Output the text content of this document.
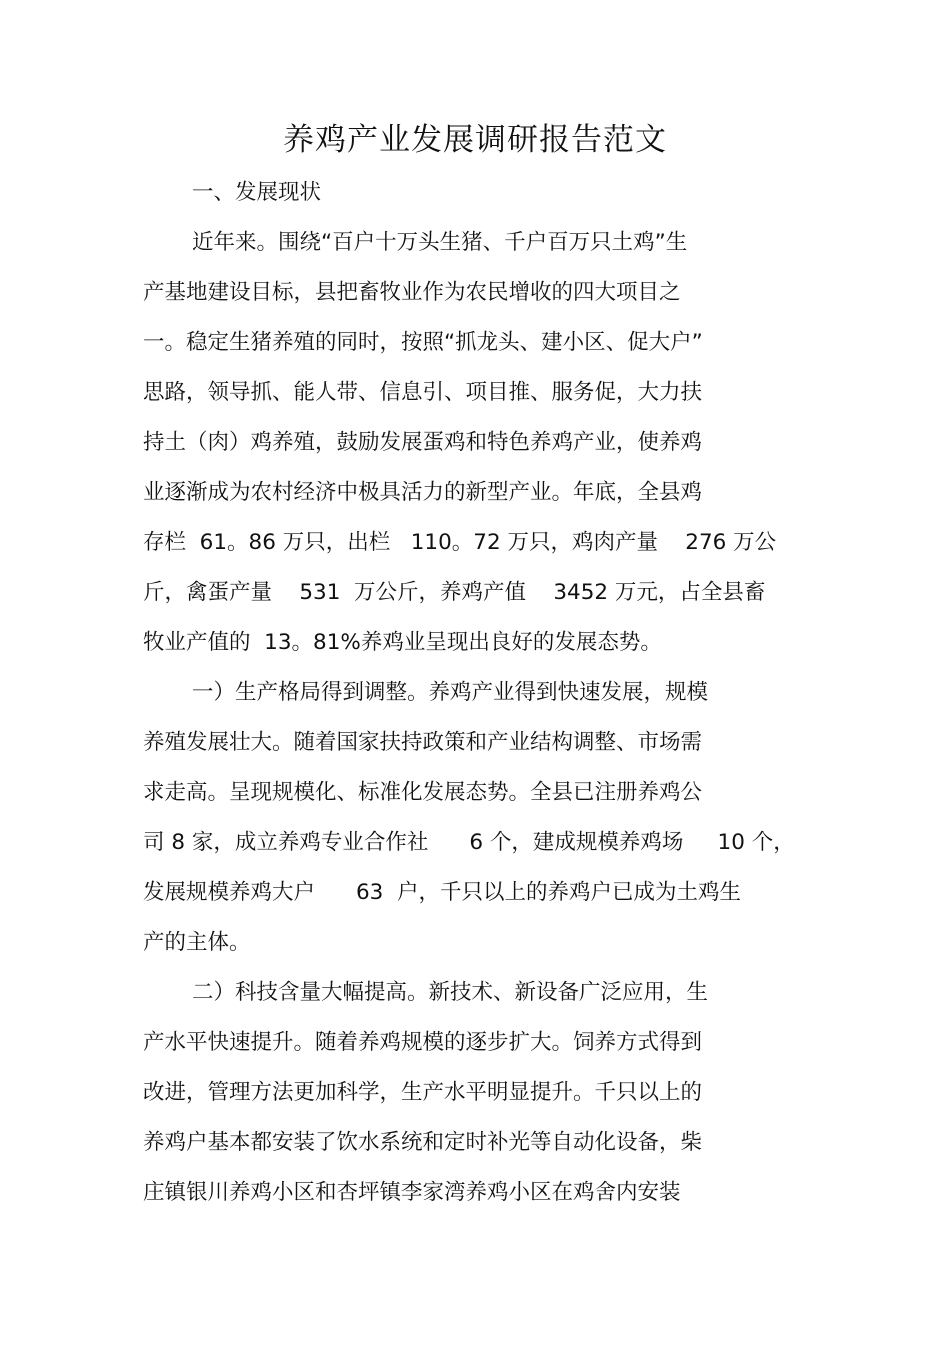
养鸡产业发展调研报告范文
一、发展现状
近年来。围绕“百户十万头生猪、千户百万只土鸡”生
产基地建设目标，县把畜牧业作为农民增收的四大项目之
一。稳定生猪养殖的同时，按照“抓龙头、建小区、促大户”
思路，领导抓、能人带、信息引、项目推、服务促，大力扶
持土（肉）鸡养殖，鼓励发展蛋鸡和特色养鸡产业，使养鸡
业逐渐成为农村经济中极具活力的新型产业。年底，全县鸡
存栏  61。86 万只，出栏   110。72 万只，鸡肉产量    276 万公
斤，禽蛋产量    531  万公斤，养鸡产值    3452 万元，占全县畜
牧业产值的  13。81%养鸡业呈现出良好的发展态势。
一）生产格局得到调整。养鸡产业得到快速发展，规模
养殖发展壮大。随着国家扶持政策和产业结构调整、市场需
求走高。呈现规模化、标准化发展态势。全县已注册养鸡公
司 8 家，成立养鸡专业合作社      6 个，建成规模养鸡场     10 个，
发展规模养鸡大户      63  户，千只以上的养鸡户已成为土鸡生
产的主体。
二）科技含量大幅提高。新技术、新设备广泛应用，生
产水平快速提升。随着养鸡规模的逐步扩大。饲养方式得到
改进，管理方法更加科学，生产水平明显提升。千只以上的
养鸡户基本都安装了饮水系统和定时补光等自动化设备，柴
庄镇银川养鸡小区和杏坪镇李家湾养鸡小区在鸡舍内安装
